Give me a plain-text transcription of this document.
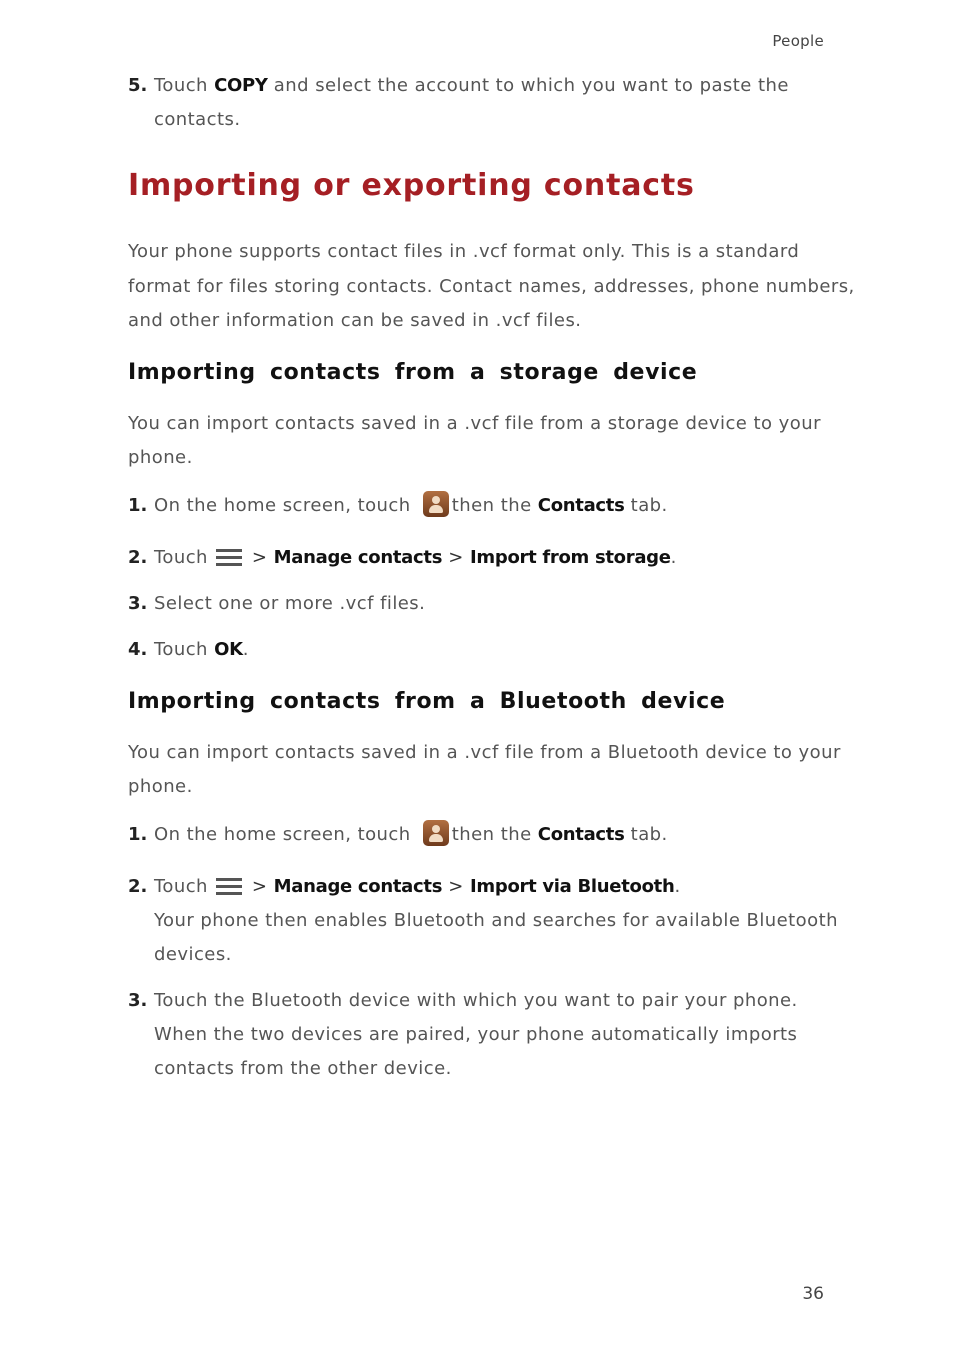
People
5. Touch COPY and select the account to which you want to paste the
contacts.
Importing or exporting contacts
Your phone supports contact files in .vcf format only. This is a standard
format for files storing contacts. Contact names, addresses, phone numbers,
and other information can be saved in .vcf files.
Importing contacts from a storage device
You can import contacts saved in a .vcf file from a storage device to your
phone.
1. On the home screen, touch then the Contacts tab.
2. Touch > Manage contacts > Import from storage.
3. Select one or more .vcf files.
4. Touch OK.
Importing contacts from a Bluetooth device
You can import contacts saved in a .vcf file from a Bluetooth device to your
phone.
1. On the home screen, touch then the Contacts tab.
2. Touch > Manage contacts > Import via Bluetooth.
Your phone then enables Bluetooth and searches for available Bluetooth
devices.
3. Touch the Bluetooth device with which you want to pair your phone.
When the two devices are paired, your phone automatically imports
contacts from the other device.
36
